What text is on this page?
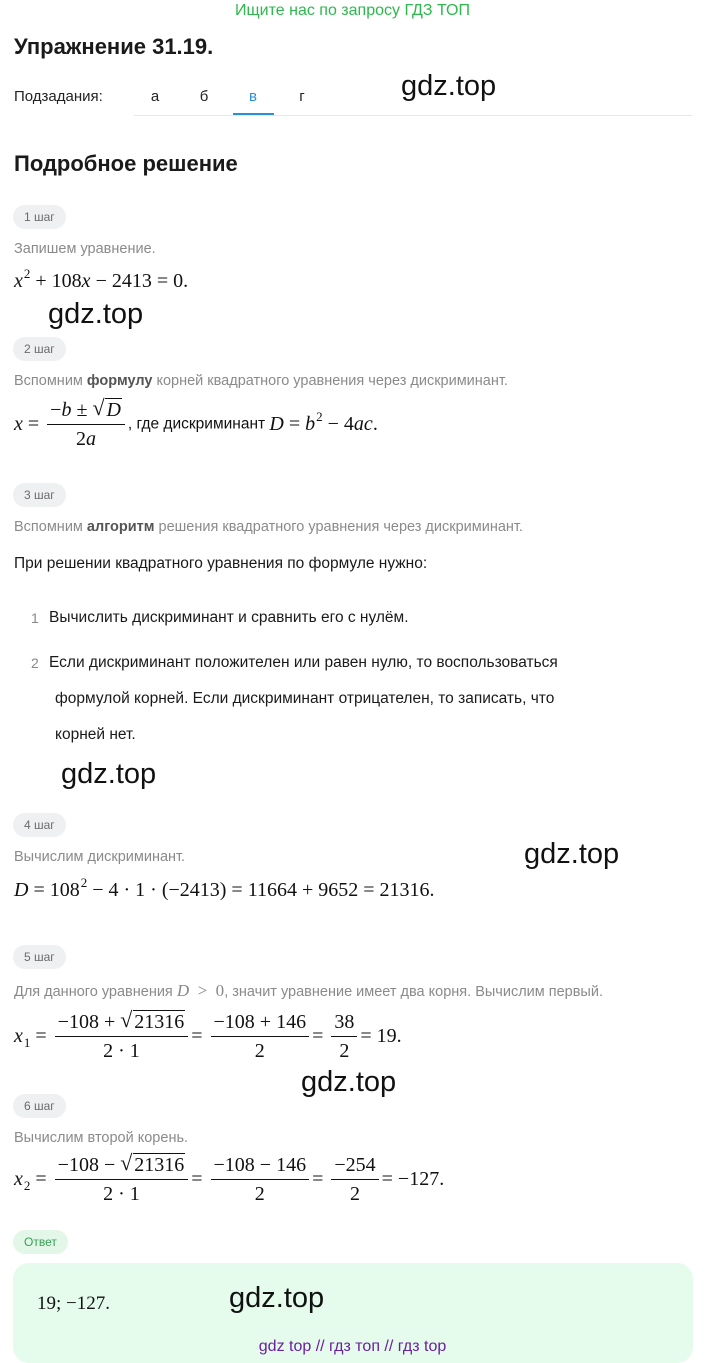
Ищите нас по запросу ГДЗ ТОП
Упражнение 31.19.
Подзадания:	а	б	в	г	gdz.top
Подробное решение
1 шаг
Запишем уравнение.
$x^2 + 108x - 2413 = 0$.
gdz.top
2 шаг
Вспомним формулу корней квадратного уравнения через дискриминант.
$x = \frac{-b \pm √ D}{2a}$ , где дискриминант $D = b^2 - 4ac$.
3 шаг
Вспомним алгоритм решения квадратного уравнения через дискриминант.
При решении квадратного уравнения по формуле нужно:
1 Вычислить дискриминант и сравнить его с нулём.
2 Если дискриминант положителен или равен нулю, то воспользоваться
формулой корней. Если дискриминант отрицателен, то записать, что
корней нет.
gdz.top
4 шаг
Вычислим дискриминант.	gdz.top
$D = 108^2 - 4 \cdot 1 \cdot (-2413) = 11664 + 9652 = 21316$.
5 шаг
Для данного уравнения D  >  0, значит уравнение имеет два корня. Вычислим первый.
$x_1 = \frac{-108 + √ 21316}{2 \cdot 1} = \frac{-108 + 146}{2} = \frac{38}{2} = 19$.
gdz.top
6 шаг
Вычислим второй корень.
$x_2 = \frac{-108 - √ 21316}{2 \cdot 1} = \frac{-108 - 146}{2} = \frac{-254}{2} = -127$.
Ответ
19; −127.	gdz.top
gdz top // гдз топ // гдз top
